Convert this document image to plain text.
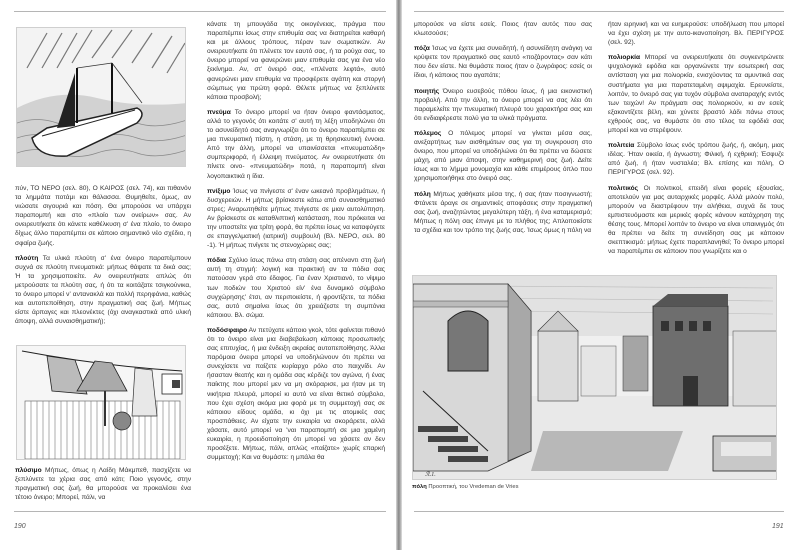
πύν, ΤΟ ΝΕΡΟ (σελ. 80), Ο ΚΑΙΡΟΣ (σελ. 74), και πιθανόν τα λημμάτα ποτάμι και θάλασσα. Θυμηθείτε, όμως, αν νιώσατε σιγουριά και πόση. Θα μπορούσε να υπάρχει παραπομπή και στο «πλοίο των ονείρων» σας. Αν ονειρευτήκατε ότι κάνετε καθέλκυση σ' ένα πλοίο, το όνειρο δίχως άλλο παραπέμπει σε κάποιο σημαντικό νέο σχέδιο, η σφαίρα ζωής.

πλούτη Τα υλικά πλούτη σ' ένα όνειρο παραπέμπουν συχνά σε πλούτη πνευματικά: μήπως θάψατε τα δικά σας; Ή τα χρησιμοποιείτε. Αν ονειρευτήκατε απλώς ότι μετρούσατε τα πλούτη σας, ή ότι τα κοιτάζατε τσιγκούνικα, το όνειρο μπορεί ν' αντανακλά και πολλή περηφάνια, καθώς και αυτοπεποίθηση, στην πραγματική σας ζωή. Μήπως είστε άρπαγες και πλεονέκτες (όχι αναγκαστικά από υλική άποψη, αλλά συναισθηματική);

πλύσιμο Μήπως, όπως η Λαίδη Μάκμπεθ, πασχίζετε να ξεπλύνετε τα χέρια σας από κάτι; Ποιο γεγονός, στην πραγματική σας ζωή, θα μπορούσε να προκαλέσει ένα τέτοιο όνειρο; Μπορεί, πάλι, να

κάνατε τη μπουγάδα της οικογένειας, πράγμα που παραπέμπει ίσως στην επιθυμία σας να διατηρείται καθαρή και με άλλους τρόπους, πέραν των σωματικών. Αν ονειρευτήκατε ότι πλένετε τον εαυτό σας, ή τα ρούχα σας, το όνειρο μπορεί να φανερώνει μιαν επιθυμία σας για ένα νέο ξεκίνημα. Αν, στ' όνειρό σας, «πλένατε λεφτά», αυτό φανερώνει μιαν επιθυμία να προσφέρετε αγάπη και στοργή σώμπως για πρώτη φορά. Θέλετε μήπως να ξεπλύνετε κάποια προσβολή;

πνεύμα Το όνειρο μπορεί να ήταν όνειρο φαντάσματος, αλλά το γεγονός ότι κοιτάτε σ' αυτή τη λέξη υποδηλώνει ότι το ασυνείδητό σας αναγνωρίζει ότι το όνειρο παραπέμπει σε μια πνευματική πίστη, η στάση, με τη θρησκευτική έννοια. Από την άλλη, μπορεί να υπαινίσσεται «πνευματώδη» συμπεριφορά, ή έλλειψη πνεύματος. Αν ονειρευτήκατε ότι πίνετε οινο- «πνευματώδη» ποτά, η παραπομπή είναι λογοπαικτικά η ίδια.

πνίξιμο Ίσως να πνίγεστε σ' έναν ωκεανό προβλημάτων, ή δυσχερειών. Η μήπως βρίσκεστε κάτω από συναισθηματικό στρες; Αναρωτηθείτε μήπως πνίγεστε σε μιαν αυτολύπηση. Αν βρίσκεστε σε καταθλιπτική κατάσταση, που πρόκειται να την υποστείτε για τρίτη φορά, θα πρέπει ίσως να καταφύγετε σε επαγγελματική (ιατρική) συμβουλή (Βλ. ΝΕΡΟ, σελ. 80 -1). Ή μήπως πνίγετε τις στενοχώριες σας;

πόδια Σχόλιο ίσως πάνω στη στάση σας απέναντι στη ζωή αυτή τη στιγμή: λογική και πρακτική αν τα πόδια σας πατούσαν γερά στο έδαφος. Για έναν Χριστιανό, το νίψιμο των ποδιών του Χριστού είν' ένα δυναμικό σύμβολο συγχώρησης' έτσι, αν περιποιείστε, ή φροντίζετε, τα πόδια σας, αυτό σημαίνει ίσως ότι χρειάζεστε τη συμπόνια κάποιου. Βλ. σώμα.

ποδόσφαιρο Αν πετύχατε κάποιο γκολ, τότε φαίνεται πιθανό ότι το όνειρο είναι μια διαβεβαίωση κάποιας προσωπικής σας επιτυχίας, ή μια ένδειξη ακραίας αυτοπεποίθησης. Άλλα παρόμοια όνειρα μπορεί να υποδηλώνουν ότι πρέπει να συνεχίσετε να παίζετε κυρίαρχο ρόλο στο παιχνίδι. Αν ήσασταν θεατής και η ομάδα σας κέρδιζε τον αγώνα, ή ένας παίκτης που μπορεί μεν να μη σκόραρισε, μα ήταν με τη νικήτρια πλευρά, μπορεί κι αυτό να είναι θετικό σύμβολο, που έχει σχέση ακόμα μια φορά με τη συμμετοχή σας σε κάποιου είδους ομάδα, κι όχι με τις ατομικές σας προσπάθειες. Αν είχατε την ευκαιρία να σκοράρετε, αλλά χάσατε, αυτό μπορεί να 'ναι παραπομπή σε μια χαμένη ευκαιρία, η προειδοποίηση ότι μπορεί να χάσετε αν δεν προσέξετε. Μήπως, πάλι, απλώς «παίζατε» χωρίς επαρκή συμμετοχή; Και να θυμάστε: η μπάλα θα

190

μπορούσε να είστε εσείς. Ποιος ήταν αυτός που σας κλωτσούσε;

πόζα Ίσως να έχετε μια συνειδητή, ή ασυνείδητη ανάγκη να κρύψετε τον πραγματικό σας εαυτό «ποζάροντας» σαν κάτι που δεν είστε. Να θυμάστε ποιος ήταν ο ζωγράφος: εσείς οι ίδιοι, ή κάποιος που αγαπάτε;

ποιητής Όνειρο ευσεβούς πόθου ίσως, ή μια εικονιστική προβολή. Από την άλλη, το όνειρο μπορεί να σας λέει ότι παραμελείτε την πνευματική πλευρά του χαρακτήρα σας και ότι ενδιαφέρεστε πολύ για τα υλικά πράγματα.

πόλεμος Ο πόλεμος μπορεί να γίνεται μέσα σας, ανεξαρτήτως των αισθημάτων σας για τη συγκρουση στο όνειρο, που μπορεί να υποδηλώνει ότι θα πρέπει να δώσετε μάχη, από μιαν άποψη, στην καθημερινή σας ζωή. Δείτε ίσως και το λήμμα μονομαχία και κάθε επιμέρους όπλο που χρησιμοποιήθηκε στο όνειρό σας.

πόλη Μήπως χαθήκατε μέσα της, ή σας ήταν ποσιγνωστή; Φτάνετε άραγε σε σημαντικές αποφάσεις στην πραγματική σας ζωή, αναζητώντας μεγαλύτερη τάξη, ή ένα καταμερισμό; Μήπως η πόλη σας έπνιγε με το πλήθος της; Απλοποιείστε τα σχέδια και τον τρόπο της ζωής σας. Ίσως όμως η πόλη να

ήταν ειρηνική και να ευημερούσε: υποδήλωση που μπορεί να έχει σχέση με την αυτο-ικανοποίηση. Βλ. ΠΕΡΙΓΥΡΟΣ (σελ. 92).

πολιορκία Μπορεί να ονειρευτήκατε ότι συγκεντρώνετε ψυχολογικά εφόδια και οργανώνετε την εσωτερική σας αντίσταση για μια πολιορκία, ενισχύοντας τα αμυντικά σας συστήματα για μια παρατεταμένη αψιμαχία. Ερευνείστε, λοιπόν, το όνειρό σας για τυχόν σύμβολα αναταραχής εντός των τειχών! Αν πράγματι σας πολιορκούν, κι αν εσείς εξακοντίζετε βέλη, και χύνετε βραστό λάδι πάνω στους εχθρούς σας, να θυμάστε ότι στο τέλος τα εφόδιά σας μπορεί και να στερέψουν.

πολιτεία Σύμβολο ίσως ενός τρόπου ζωής, ή, ακόμη, μιας ιδέας. Ήταν οικεία, ή άγνωστη; Φιλική, ή εχθρική; Έσφυζε από ζωή, ή ήταν νυσταλέα; Βλ. επίσης και πόλη, Ο ΠΕΡΙΓΥΡΟΣ (σελ. 92).

πολιτικός Οι πολιτικοί, επειδή είναι φορείς εξουσίας, αποτελούν για μας αυταρχικές μορφές. Αλλά μιλούν πολύ, μπορούν να διαστρέφουν την αλήθεια, συχνά δε τους εμπιστευόμαστε και μερικές φορές κάνουν κατάχρηση της θέσης τους. Μπορεί λοιπόν το όνειρο να είναι υπαινιγμός ότι θα πρέπει να δείτε τη συνείδηση σας με κάποιον σκεπτικισμό: μήπως έχετε παραπλανηθεί; Το όνειρο μπορεί να παραπέμπει σε κάποιον που γνωρίζετε και ο

ℛ.1.
πόλη Προοπτική, του Vredeman de Vries
191
